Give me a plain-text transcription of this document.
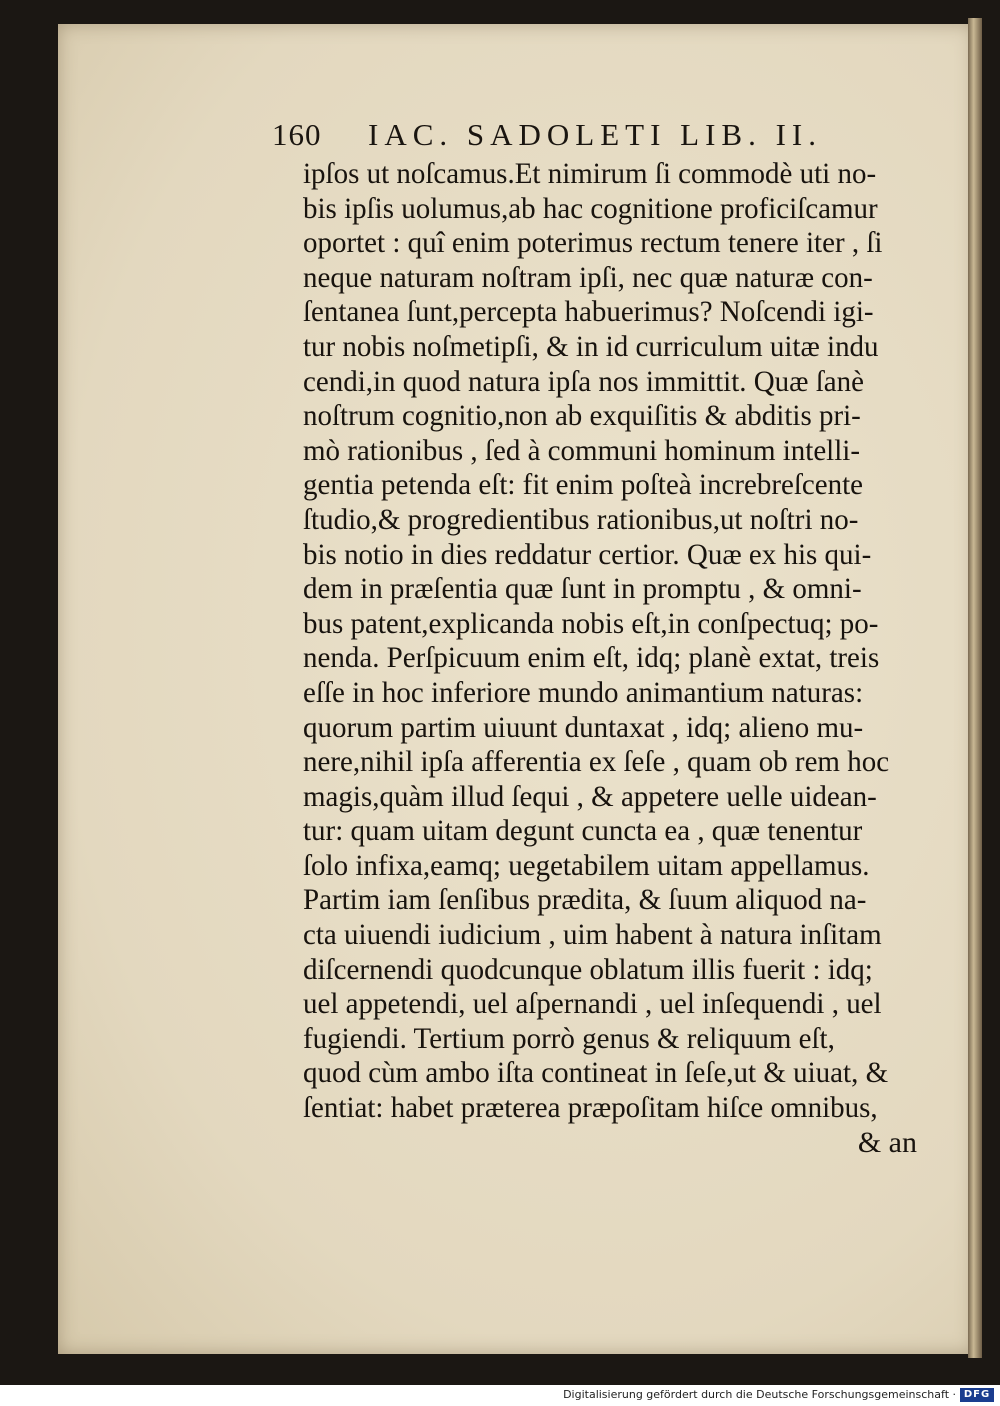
160 IAC. SADOLETI LIB. II.
ipſos ut noſcamus.Et nimirum ſi commodè uti no-
bis ipſis uolumus,ab hac cognitione proficiſcamur
oportet : quî enim poterimus rectum tenere iter , ſi
neque naturam noſtram ipſi, nec quæ naturæ con-
ſentanea ſunt,percepta habuerimus? Noſcendi igi-
tur nobis noſmetipſi, & in id curriculum uitæ indu
cendi,in quod natura ipſa nos immittit. Quæ ſanè
noſtrum cognitio,non ab exquiſitis & abditis pri-
mò rationibus , ſed à communi hominum intelli-
gentia petenda eſt: fit enim poſteà increbreſcente
ſtudio,& progredientibus rationibus,ut noſtri no-
bis notio in dies reddatur certior. Quæ ex his qui-
dem in præſentia quæ ſunt in promptu , & omni-
bus patent,explicanda nobis eſt,in conſpectuq; po-
nenda. Perſpicuum enim eſt, idq; planè extat, treis
eſſe in hoc inferiore mundo animantium naturas:
quorum partim uiuunt duntaxat , idq; alieno mu-
nere,nihil ipſa afferentia ex ſeſe , quam ob rem hoc
magis,quàm illud ſequi , & appetere uelle uidean-
tur: quam uitam degunt cuncta ea , quæ tenentur
ſolo infixa,eamq; uegetabilem uitam appellamus.
Partim iam ſenſibus prædita, & ſuum aliquod na-
cta uiuendi iudicium , uim habent à natura inſitam
diſcernendi quodcunque oblatum illis fuerit : idq;
uel appetendi, uel aſpernandi , uel inſequendi , uel
fugiendi. Tertium porrò genus & reliquum eſt,
quod cùm ambo iſta contineat in ſeſe,ut & uiuat, &
ſentiat: habet præterea præpoſitam hiſce omnibus,
& an
Digitalisierung gefördert durch die Deutsche Forschungsgemeinschaft · DFG
